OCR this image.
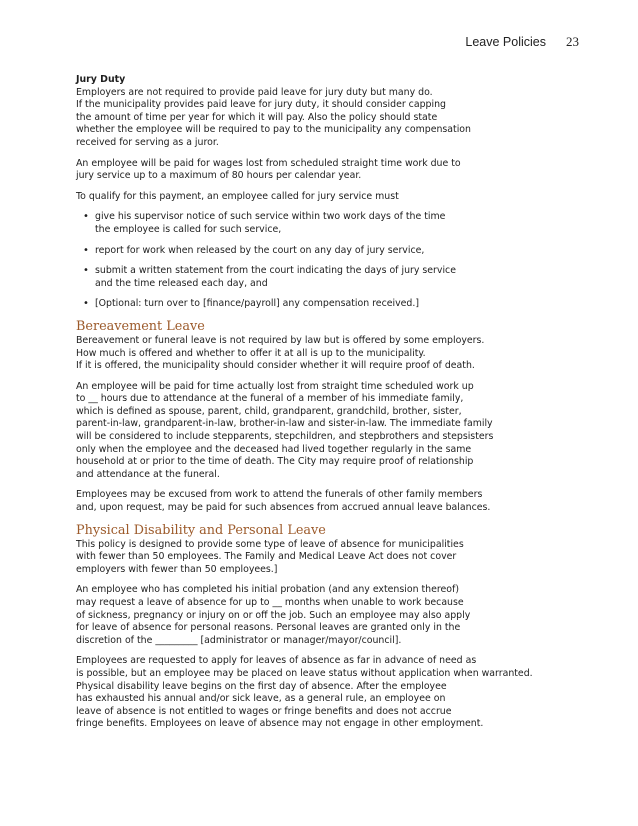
Leave Policies 23
Jury Duty
Employers are not required to provide paid leave for jury duty but many do.
If the municipality provides paid leave for jury duty, it should consider capping
the amount of time per year for which it will pay. Also the policy should state
whether the employee will be required to pay to the municipality any compensation
received for serving as a juror.
An employee will be paid for wages lost from scheduled straight time work due to
jury service up to a maximum of 80 hours per calendar year.
To qualify for this payment, an employee called for jury service must
• give his supervisor notice of such service within two work days of the time
the employee is called for such service,
• report for work when released by the court on any day of jury service,
• submit a written statement from the court indicating the days of jury service
and the time released each day, and
• [Optional: turn over to [finance/payroll] any compensation received.]
Bereavement Leave
Bereavement or funeral leave is not required by law but is offered by some employers.
How much is offered and whether to offer it at all is up to the municipality.
If it is offered, the municipality should consider whether it will require proof of death.
An employee will be paid for time actually lost from straight time scheduled work up
to __ hours due to attendance at the funeral of a member of his immediate family,
which is defined as spouse, parent, child, grandparent, grandchild, brother, sister,
parent-in-law, grandparent-in-law, brother-in-law and sister-in-law. The immediate family
will be considered to include stepparents, stepchildren, and stepbrothers and stepsisters
only when the employee and the deceased had lived together regularly in the same
household at or prior to the time of death. The City may require proof of relationship
and attendance at the funeral.
Employees may be excused from work to attend the funerals of other family members
and, upon request, may be paid for such absences from accrued annual leave balances.
Physical Disability and Personal Leave
This policy is designed to provide some type of leave of absence for municipalities
with fewer than 50 employees. The Family and Medical Leave Act does not cover
employers with fewer than 50 employees.]
An employee who has completed his initial probation (and any extension thereof)
may request a leave of absence for up to __ months when unable to work because
of sickness, pregnancy or injury on or off the job. Such an employee may also apply
for leave of absence for personal reasons. Personal leaves are granted only in the
discretion of the _________ [administrator or manager/mayor/council].
Employees are requested to apply for leaves of absence as far in advance of need as
is possible, but an employee may be placed on leave status without application when warranted.
Physical disability leave begins on the first day of absence. After the employee
has exhausted his annual and/or sick leave, as a general rule, an employee on
leave of absence is not entitled to wages or fringe benefits and does not accrue
fringe benefits. Employees on leave of absence may not engage in other employment.
